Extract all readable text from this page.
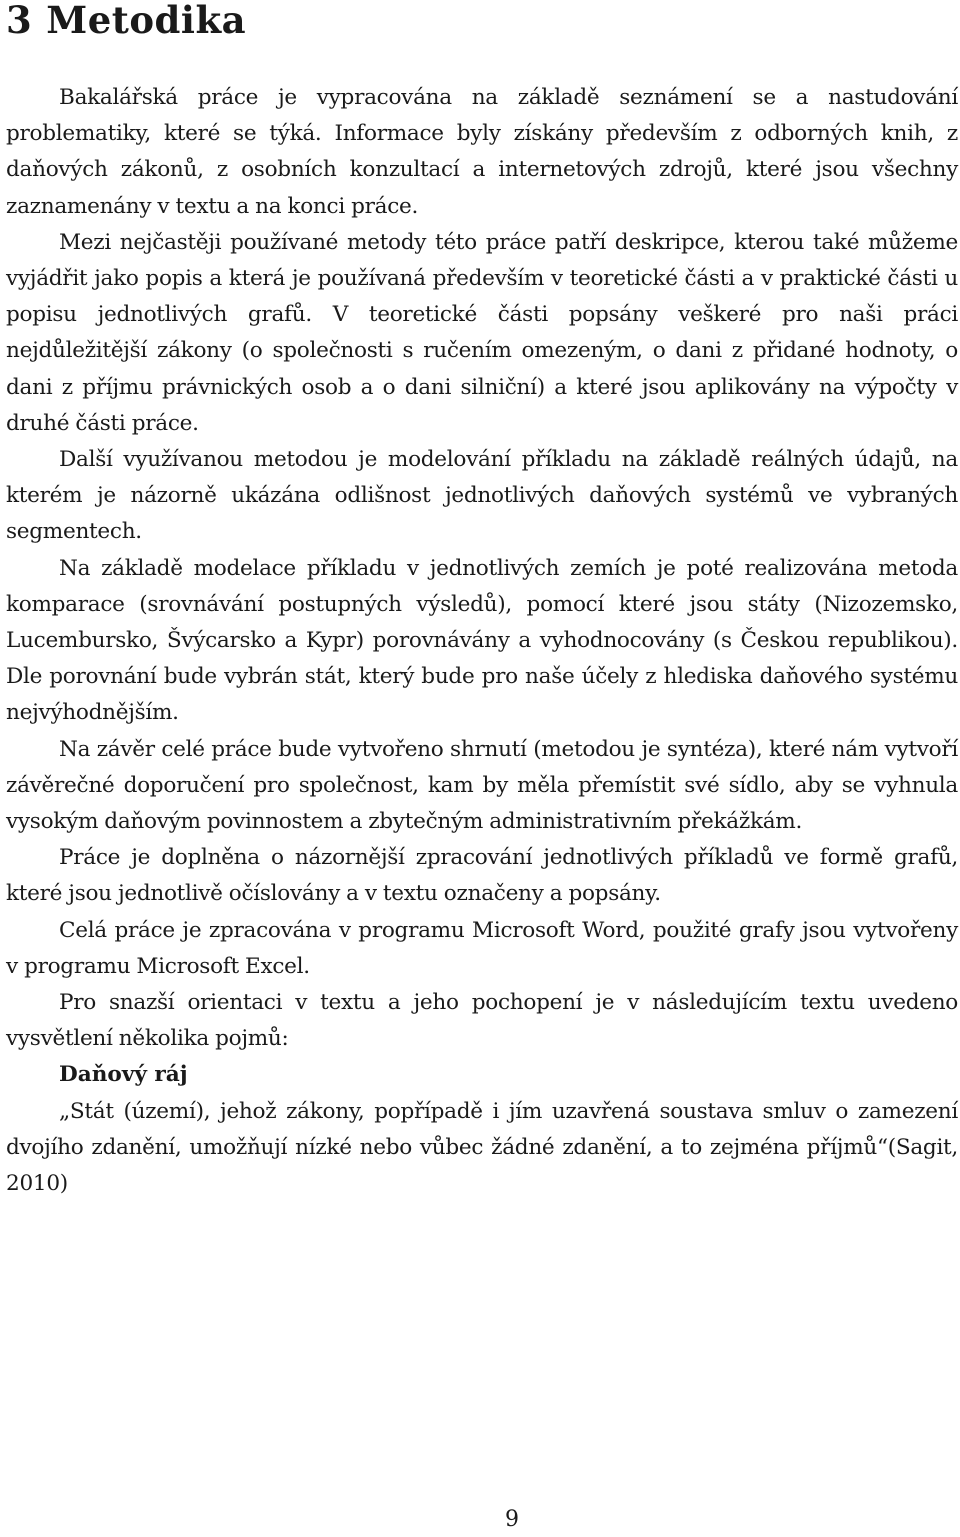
3 Metodika

Bakalářská práce je vypracována na základě seznámení se a nastudování problematiky, které se týká. Informace byly získány především z odborných knih, z daňových zákonů, z osobních konzultací a internetových zdrojů, které jsou všechny zaznamenány v textu a na konci práce.

Mezi nejčastěji používané metody této práce patří deskripce, kterou také můžeme vyjádřit jako popis a která je používaná především v teoretické části a v praktické části u popisu jednotlivých grafů. V teoretické části popsány veškeré pro naši práci nejdůležitější zákony (o společnosti s ručením omezeným, o dani z přidané hodnoty, o dani z příjmu právnických osob a o dani silniční) a které jsou aplikovány na výpočty v druhé části práce.

Další využívanou metodou je modelování příkladu na základě reálných údajů, na kterém je názorně ukázána odlišnost jednotlivých daňových systémů ve vybraných segmentech.

Na základě modelace příkladu v jednotlivých zemích je poté realizována metoda komparace (srovnávání postupných výsledů), pomocí které jsou státy (Nizozemsko, Lucembursko, Švýcarsko a Kypr) porovnávány a vyhodnocovány (s Českou republikou). Dle porovnání bude vybrán stát, který bude pro naše účely z hlediska daňového systému nejvýhodnějším.

Na závěr celé práce bude vytvořeno shrnutí (metodou je syntéza), které nám vytvoří závěrečné doporučení pro společnost, kam by měla přemístit své sídlo, aby se vyhnula vysokým daňovým povinnostem a zbytečným administrativním překážkám.

Práce je doplněna o názornější zpracování jednotlivých příkladů ve formě grafů, které jsou jednotlivě očíslovány a v textu označeny a popsány.

Celá práce je zpracována v programu Microsoft Word, použité grafy jsou vytvořeny v programu Microsoft Excel.

Pro snazší orientaci v textu a jeho pochopení je v následujícím textu uvedeno vysvětlení několika pojmů:

Daňový ráj

„Stát (území), jehož zákony, popřípadě i jím uzavřená soustava smluv o zamezení dvojího zdanění, umožňují nízké nebo vůbec žádné zdanění, a to zejména příjmů“(Sagit, 2010)

9
